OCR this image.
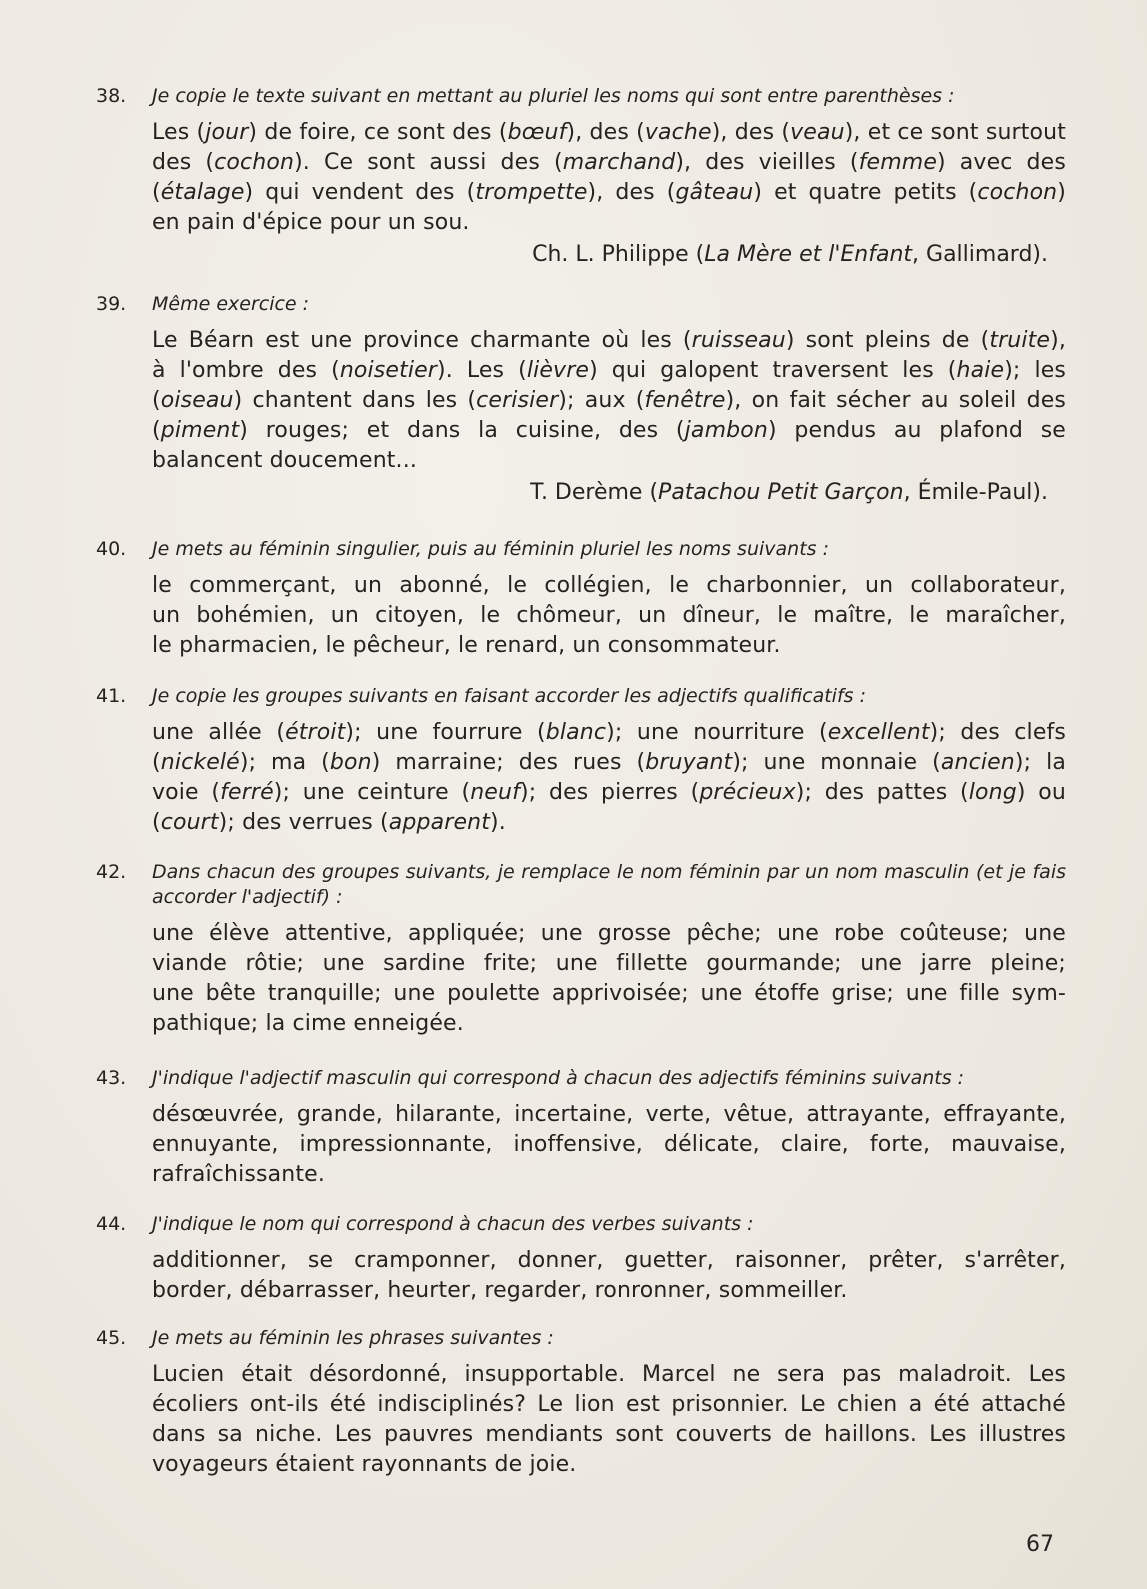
38.	Je copie le texte suivant en mettant au pluriel les noms qui sont entre parenthèses :
Les (jour) de foire, ce sont des (bœuf), des (vache), des (veau), et ce sont surtout
des (cochon). Ce sont aussi des (marchand), des vieilles (femme) avec des
(étalage) qui vendent des (trompette), des (gâteau) et quatre petits (cochon)
en pain d'épice pour un sou.
Ch. L. Philippe (La Mère et l'Enfant, Gallimard).
39.	Même exercice :
Le Béarn est une province charmante où les (ruisseau) sont pleins de (truite),
à l'ombre des (noisetier). Les (lièvre) qui galopent traversent les (haie); les
(oiseau) chantent dans les (cerisier); aux (fenêtre), on fait sécher au soleil des
(piment) rouges; et dans la cuisine, des (jambon) pendus au plafond se
balancent doucement...
T. Derème (Patachou Petit Garçon, Émile-Paul).
40.	Je mets au féminin singulier, puis au féminin pluriel les noms suivants :
le commerçant, un abonné, le collégien, le charbonnier, un collaborateur,
un bohémien, un citoyen, le chômeur, un dîneur, le maître, le maraîcher,
le pharmacien, le pêcheur, le renard, un consommateur.
41.	Je copie les groupes suivants en faisant accorder les adjectifs qualificatifs :
une allée (étroit); une fourrure (blanc); une nourriture (excellent); des clefs
(nickelé); ma (bon) marraine; des rues (bruyant); une monnaie (ancien); la
voie (ferré); une ceinture (neuf); des pierres (précieux); des pattes (long) ou
(court); des verrues (apparent).
42.	Dans chacun des groupes suivants, je remplace le nom féminin par un nom masculin (et je fais accorder l'adjectif) :
une élève attentive, appliquée; une grosse pêche; une robe coûteuse; une
viande rôtie; une sardine frite; une fillette gourmande; une jarre pleine;
une bête tranquille; une poulette apprivoisée; une étoffe grise; une fille sym-
pathique; la cime enneigée.
43.	J'indique l'adjectif masculin qui correspond à chacun des adjectifs féminins suivants :
désœuvrée, grande, hilarante, incertaine, verte, vêtue, attrayante, effrayante,
ennuyante, impressionnante, inoffensive, délicate, claire, forte, mauvaise,
rafraîchissante.
44.	J'indique le nom qui correspond à chacun des verbes suivants :
additionner, se cramponner, donner, guetter, raisonner, prêter, s'arrêter,
border, débarrasser, heurter, regarder, ronronner, sommeiller.
45.	Je mets au féminin les phrases suivantes :
Lucien était désordonné, insupportable. Marcel ne sera pas maladroit. Les
écoliers ont-ils été indisciplinés? Le lion est prisonnier. Le chien a été attaché
dans sa niche. Les pauvres mendiants sont couverts de haillons. Les illustres
voyageurs étaient rayonnants de joie.
67
